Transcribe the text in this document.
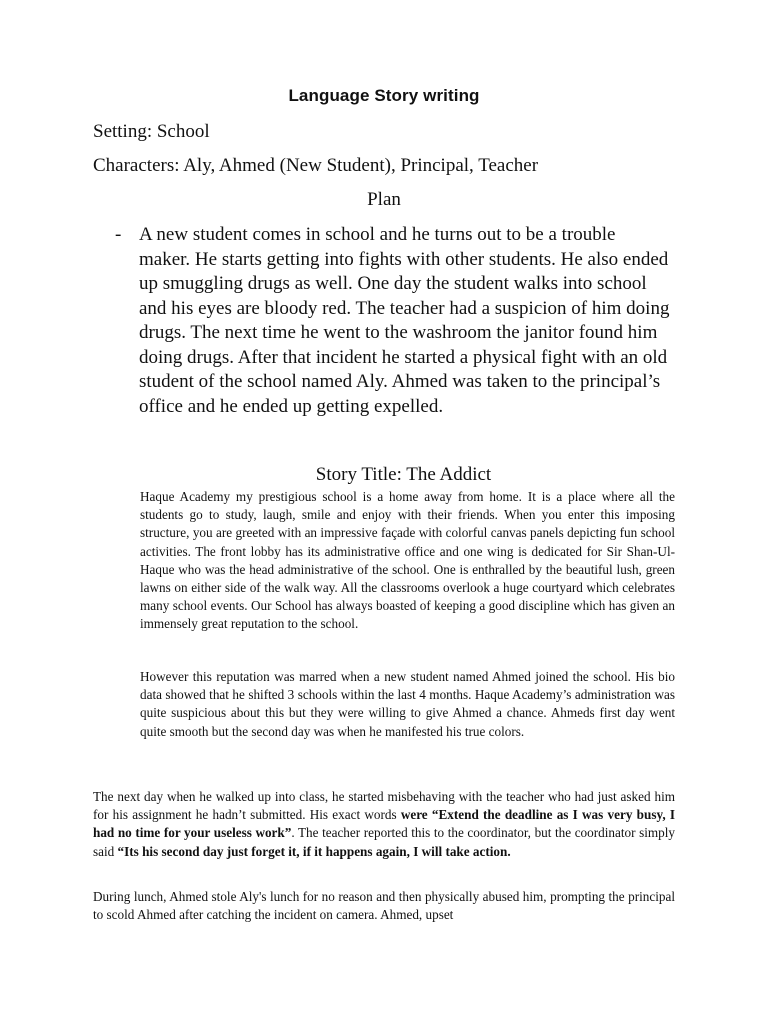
Language Story writing
Setting: School
Characters: Aly, Ahmed (New Student), Principal, Teacher
Plan
- A new student comes in school and he turns out to be a trouble maker. He starts getting into fights with other students. He also ended up smuggling drugs as well. One day the student walks into school and his eyes are bloody red. The teacher had a suspicion of him doing drugs. The next time he went to the washroom the janitor found him doing drugs. After that incident he started a physical fight with an old student of the school named Aly. Ahmed was taken to the principal’s office and he ended up getting expelled.
Story Title: The Addict
Haque Academy my prestigious school is a home away from home. It is a place where all the students go to study, laugh, smile and enjoy with their friends. When you enter this imposing structure, you are greeted with an impressive façade with colorful canvas panels depicting fun school activities. The front lobby has its administrative office and one wing is dedicated for Sir Shan-Ul-Haque who was the head administrative of the school. One is enthralled by the beautiful lush, green lawns on either side of the walk way. All the classrooms overlook a huge courtyard which celebrates many school events. Our School has always boasted of keeping a good discipline which has given an immensely great reputation to the school.
However this reputation was marred when a new student named Ahmed joined the school. His bio data showed that he shifted 3 schools within the last 4 months. Haque Academy’s administration was quite suspicious about this but they were willing to give Ahmed a chance. Ahmeds first day went quite smooth but the second day was when he manifested his true colors.
The next day when he walked up into class, he started misbehaving with the teacher who had just asked him for his assignment he hadn’t submitted. His exact words were “Extend the deadline as I was very busy, I had no time for your useless work”. The teacher reported this to the coordinator, but the coordinator simply said “Its his second day just forget it, if it happens again, I will take action.
During lunch, Ahmed stole Aly's lunch for no reason and then physically abused him, prompting the principal to scold Ahmed after catching the incident on camera. Ahmed, upset
